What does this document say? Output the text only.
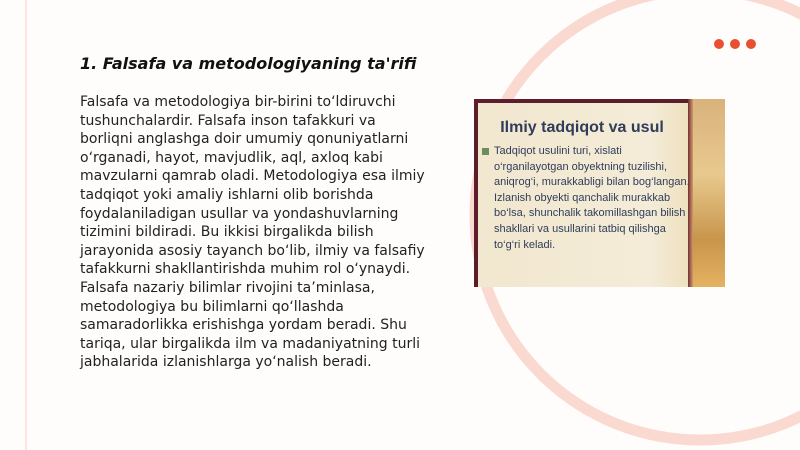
1. Falsafa va metodologiyaning ta'rifi
Falsafa va metodologiya bir-birini to‘ldiruvchi tushunchalardir. Falsafa inson tafakkuri va borliqni anglashga doir umumiy qonuniyatlarni o‘rganadi, hayot, mavjudlik, aql, axloq kabi mavzularni qamrab oladi. Metodologiya esa ilmiy tadqiqot yoki amaliy ishlarni olib borishda foydalaniladigan usullar va yondashuvlarning tizimini bildiradi. Bu ikkisi birgalikda bilish jarayonida asosiy tayanch bo‘lib, ilmiy va falsafiy tafakkurni shakllantirishda muhim rol o‘ynaydi. Falsafa nazariy bilimlar rivojini ta’minlasa, metodologiya bu bilimlarni qo‘llashda samaradorlikka erishishga yordam beradi. Shu tariqa, ular birgalikda ilm va madaniyatning turli jabhalarida izlanishlarga yo‘nalish beradi.
Ilmiy tadqiqot va usul
Tadqiqot usulini turi, xislati o‘rganilayotgan obyektning tuzilishi, aniqrog‘i, murakkabligi bilan bog‘langan. Izlanish obyekti qanchalik murakkab bo‘lsa, shunchalik takomillashgan bilish shakllari va usullarini tatbiq qilishga to‘g‘ri keladi.
